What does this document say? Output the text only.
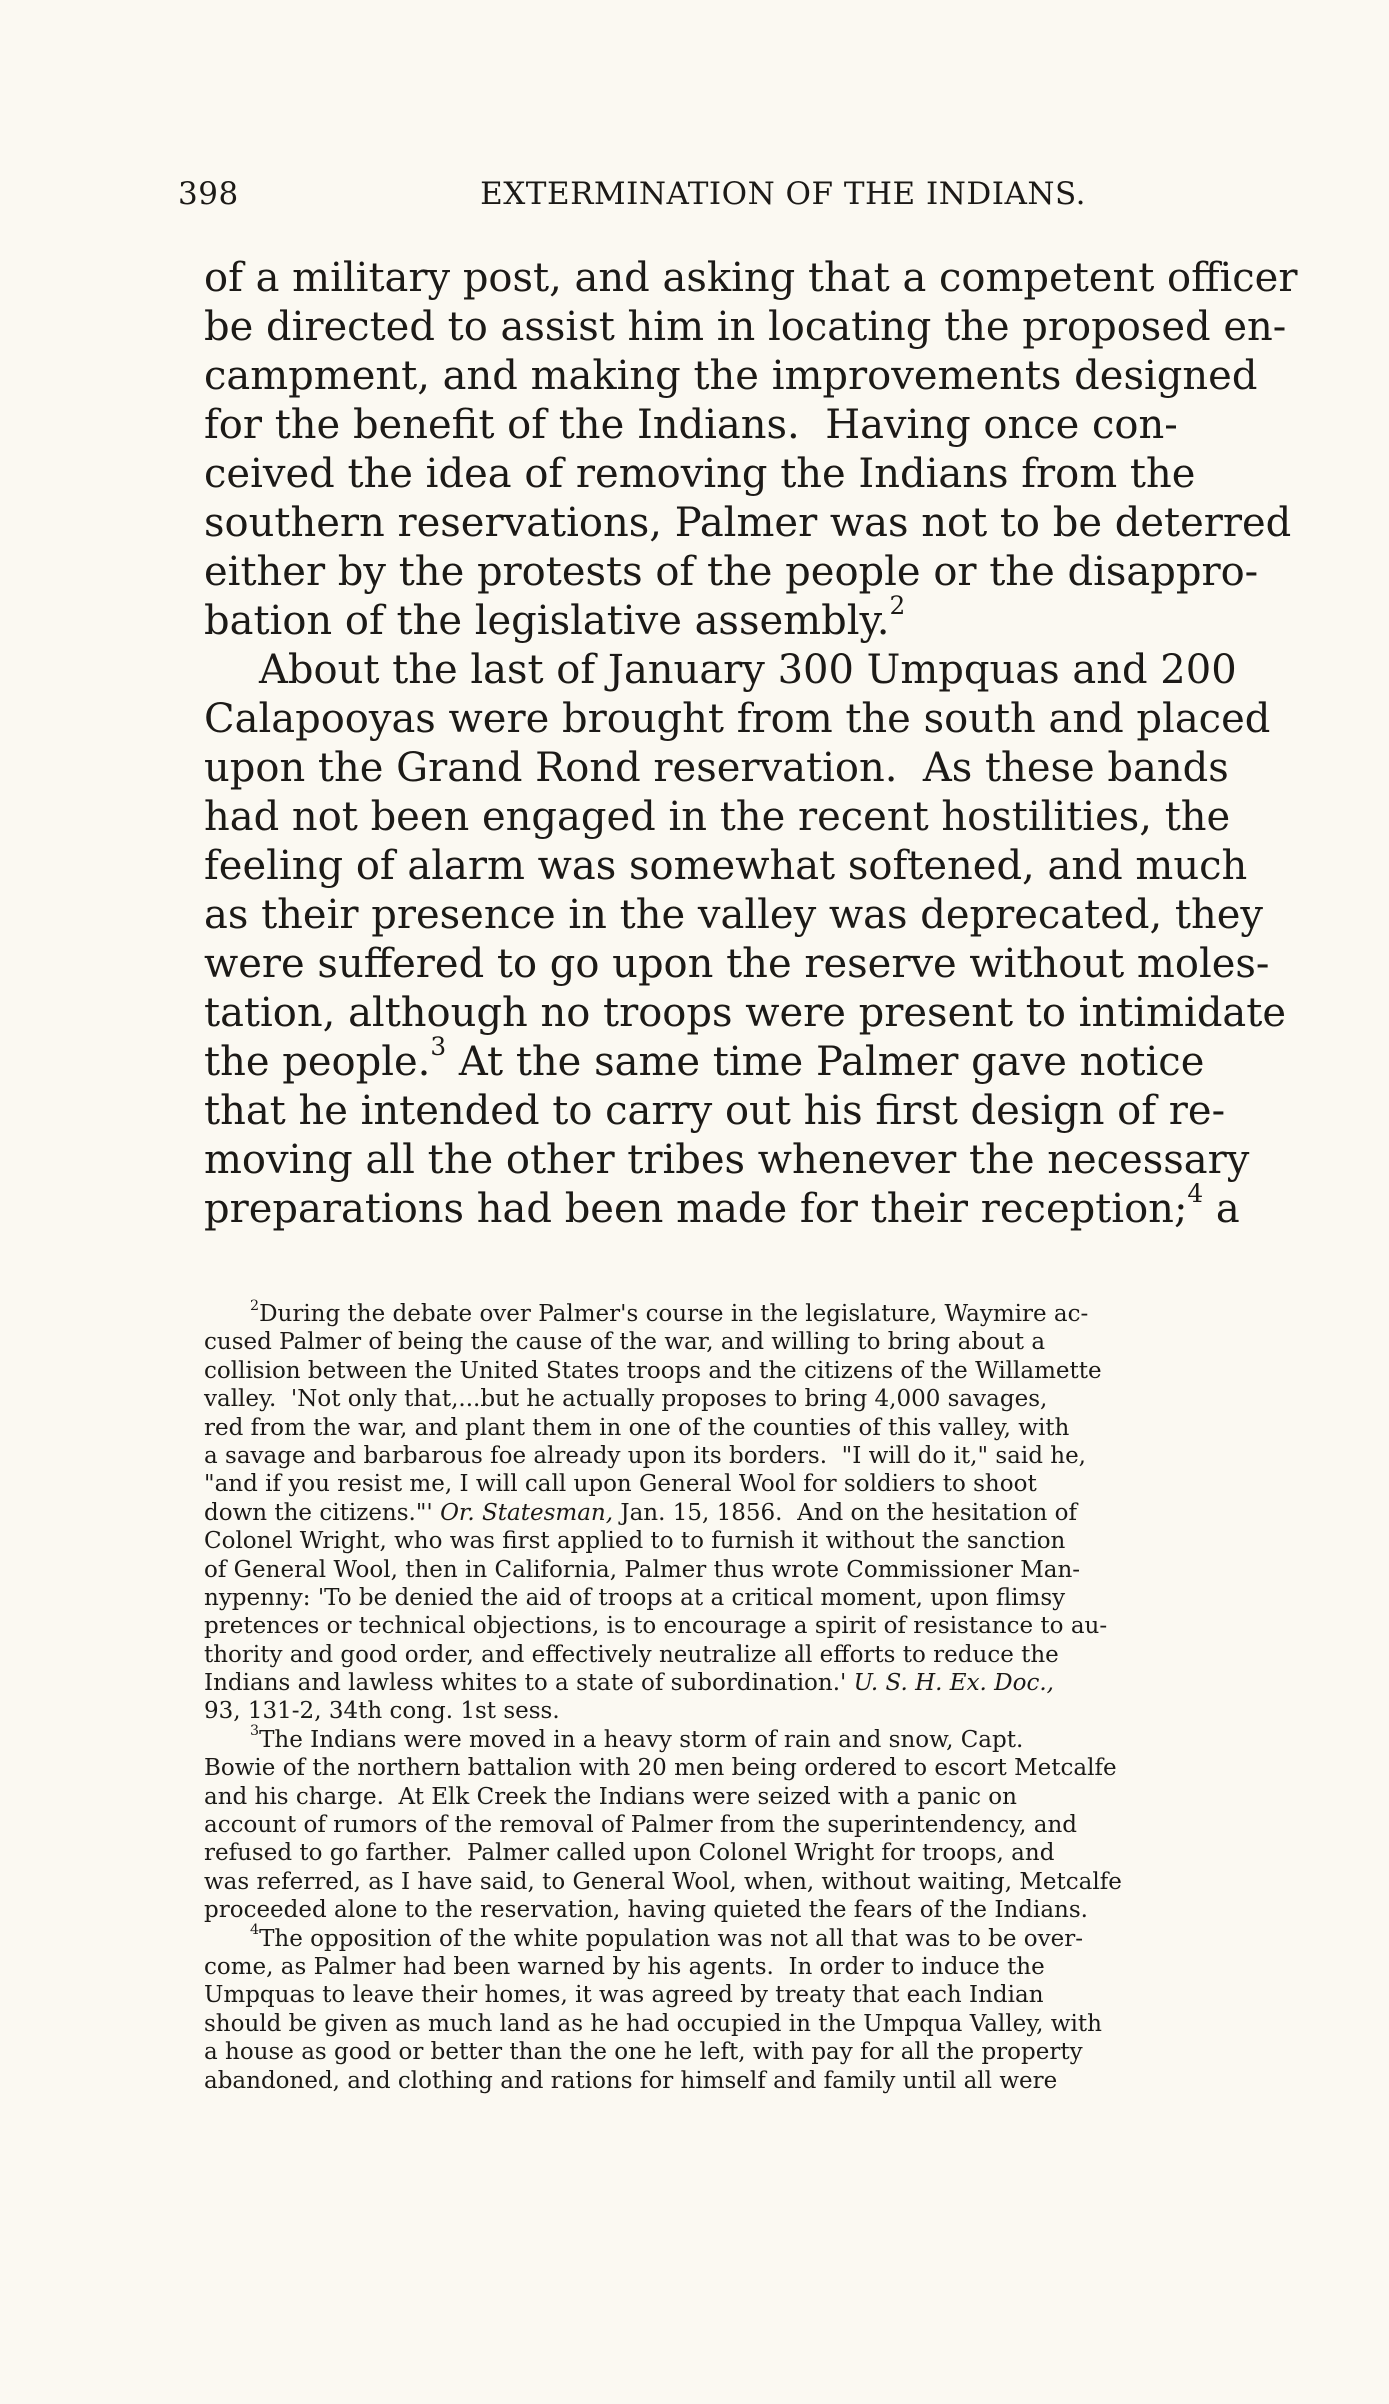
398	EXTERMINATION OF THE INDIANS.
of a military post, and asking that a competent officer
be directed to assist him in locating the proposed en-
campment, and making the improvements designed
for the benefit of the Indians.  Having once con-
ceived the idea of removing the Indians from the
southern reservations, Palmer was not to be deterred
either by the protests of the people or the disappro-
bation of the legislative assembly.$^2$
About the last of January 300 Umpquas and 200
Calapooyas were brought from the south and placed
upon the Grand Rond reservation.  As these bands
had not been engaged in the recent hostilities, the
feeling of alarm was somewhat softened, and much
as their presence in the valley was deprecated, they
were suffered to go upon the reserve without moles-
tation, although no troops were present to intimidate
the people.$^3$ At the same time Palmer gave notice
that he intended to carry out his first design of re-
moving all the other tribes whenever the necessary
preparations had been made for their reception;$^4$ a
$^2$During the debate over Palmer's course in the legislature, Waymire ac-
cused Palmer of being the cause of the war, and willing to bring about a
collision between the United States troops and the citizens of the Willamette
valley.  'Not only that,...but he actually proposes to bring 4,000 savages,
red from the war, and plant them in one of the counties of this valley, with
a savage and barbarous foe already upon its borders.  "I will do it," said he,
"and if you resist me, I will call upon General Wool for soldiers to shoot
down the citizens."' Or. Statesman, Jan. 15, 1856.  And on the hesitation of
Colonel Wright, who was first applied to to furnish it without the sanction
of General Wool, then in California, Palmer thus wrote Commissioner Man-
nypenny: 'To be denied the aid of troops at a critical moment, upon flimsy
pretences or technical objections, is to encourage a spirit of resistance to au-
thority and good order, and effectively neutralize all efforts to reduce the
Indians and lawless whites to a state of subordination.' U. S. H. Ex. Doc.,
93, 131-2, 34th cong. 1st sess.
$^3$The Indians were moved in a heavy storm of rain and snow, Capt.
Bowie of the northern battalion with 20 men being ordered to escort Metcalfe
and his charge.  At Elk Creek the Indians were seized with a panic on
account of rumors of the removal of Palmer from the superintendency, and
refused to go farther.  Palmer called upon Colonel Wright for troops, and
was referred, as I have said, to General Wool, when, without waiting, Metcalfe
proceeded alone to the reservation, having quieted the fears of the Indians.
$^4$The opposition of the white population was not all that was to be over-
come, as Palmer had been warned by his agents.  In order to induce the
Umpquas to leave their homes, it was agreed by treaty that each Indian
should be given as much land as he had occupied in the Umpqua Valley, with
a house as good or better than the one he left, with pay for all the property
abandoned, and clothing and rations for himself and family until all were
